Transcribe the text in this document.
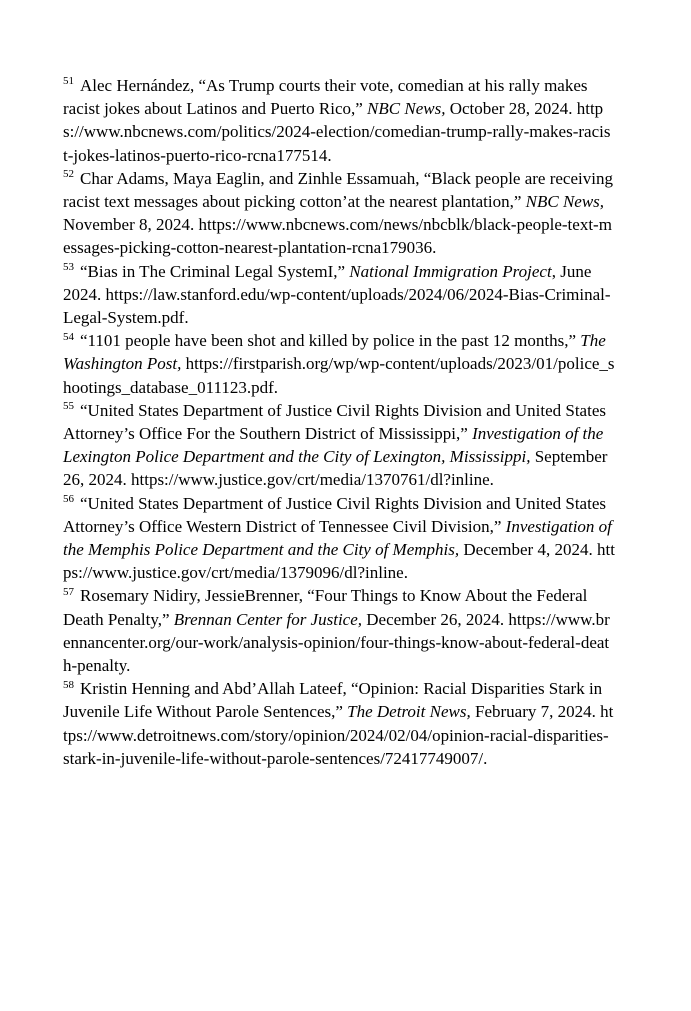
$^{51}$ Alec Hernández, “As Trump courts their vote, comedian at his rally makes racist jokes about Latinos and Puerto Rico,” NBC News, October 28, 2024. https://www.nbcnews.com/politics/2024-election/comedian-trump-rally-makes-racist-jokes-latinos-puerto-rico-rcna177514.

$^{52}$ Char Adams, Maya Eaglin, and Zinhle Essamuah, “Black people are receiving racist text messages about picking cotton’at the nearest plantation,” NBC News, November 8, 2024. https://www.nbcnews.com/news/nbcblk/black-people-text-messages-picking-cotton-nearest-plantation-rcna179036.

$^{53}$ “Bias in The Criminal Legal SystemI,” National Immigration Project, June 2024. https://law.stanford.edu/wp-content/uploads/2024/06/2024-Bias-Criminal-Legal-System.pdf.

$^{54}$ “1101 people have been shot and killed by police in the past 12 months,” The Washington Post, https://firstparish.org/wp/wp-content/uploads/2023/01/police_shootings_database_011123.pdf.

$^{55}$ “United States Department of Justice Civil Rights Division and United States Attorney’s Office For the Southern District of Mississippi,” Investigation of the Lexington Police Department and the City of Lexington, Mississippi, September 26, 2024. https://www.justice.gov/crt/media/1370761/dl?inline.

$^{56}$ “United States Department of Justice Civil Rights Division and United States Attorney’s Office Western District of Tennessee Civil Division,” Investigation of the Memphis Police Department and the City of Memphis, December 4, 2024. https://www.justice.gov/crt/media/1379096/dl?inline.

$^{57}$ Rosemary Nidiry, JessieBrenner, “Four Things to Know About the Federal Death Penalty,” Brennan Center for Justice, December 26, 2024. https://www.brennancenter.org/our-work/analysis-opinion/four-things-know-about-federal-death-penalty.

$^{58}$ Kristin Henning and Abd’Allah Lateef, “Opinion: Racial Disparities Stark in Juvenile Life Without Parole Sentences,” The Detroit News, February 7, 2024. https://www.detroitnews.com/story/opinion/2024/02/04/opinion-racial-disparities-stark-in-juvenile-life-without-parole-sentences/72417749007/.
